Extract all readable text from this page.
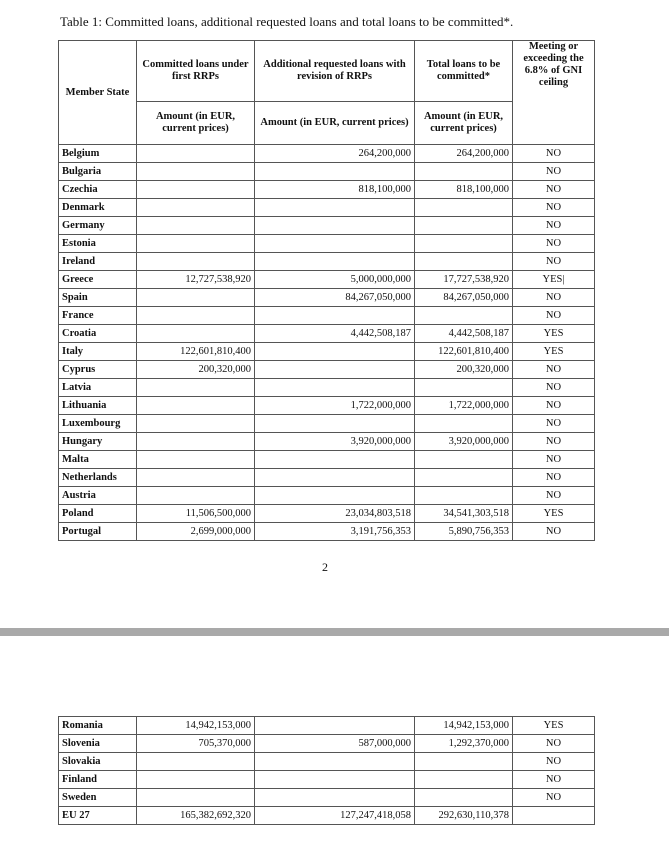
Table 1: Committed loans, additional requested loans and total loans to be committed*.
Member State	Committed loans under first RRPs	Additional requested loans with revision of RRPs	Total loans to be committed*	Meeting or exceeding the 6.8% of GNI ceiling
	Amount (in EUR, current prices)	Amount (in EUR, current prices)	Amount (in EUR, current prices)	
Belgium		264,200,000	264,200,000	NO
Bulgaria				NO
Czechia		818,100,000	818,100,000	NO
Denmark				NO
Germany				NO
Estonia				NO
Ireland				NO
Greece	12,727,538,920	5,000,000,000	17,727,538,920	YES|
Spain		84,267,050,000	84,267,050,000	NO
France				NO
Croatia		4,442,508,187	4,442,508,187	YES
Italy	122,601,810,400		122,601,810,400	YES
Cyprus	200,320,000		200,320,000	NO
Latvia				NO
Lithuania		1,722,000,000	1,722,000,000	NO
Luxembourg				NO
Hungary		3,920,000,000	3,920,000,000	NO
Malta				NO
Netherlands				NO
Austria				NO
Poland	11,506,500,000	23,034,803,518	34,541,303,518	YES
Portugal	2,699,000,000	3,191,756,353	5,890,756,353	NO
2
Romania	14,942,153,000		14,942,153,000	YES
Slovenia	705,370,000	587,000,000	1,292,370,000	NO
Slovakia				NO
Finland				NO
Sweden				NO
EU 27	165,382,692,320	127,247,418,058	292,630,110,378	
